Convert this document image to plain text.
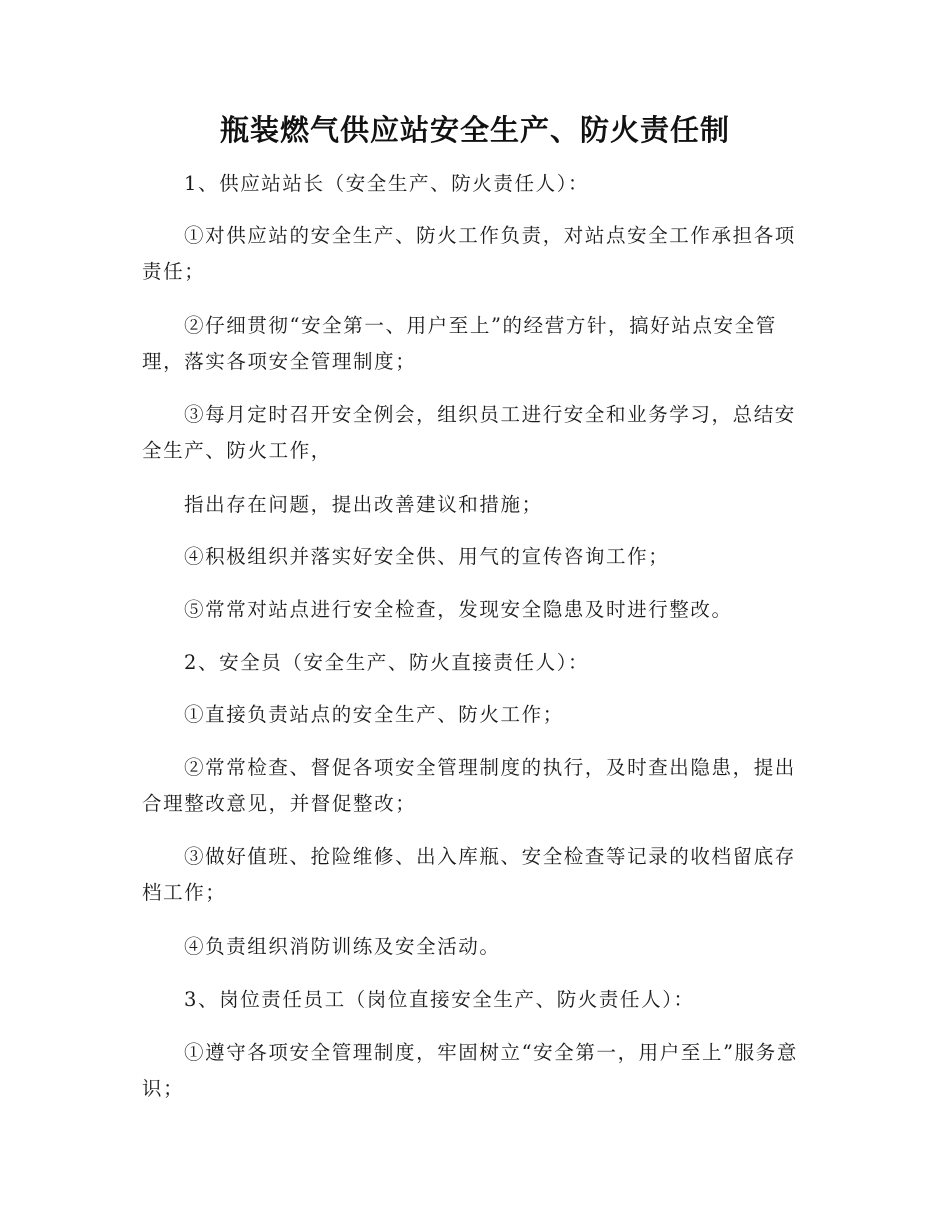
瓶装燃气供应站安全生产、防火责任制

1、供应站站长（安全生产、防火责任人）：

①对供应站的安全生产、防火工作负责，对站点安全工作承担各项责任；

②仔细贯彻“安全第一、用户至上”的经营方针，搞好站点安全管理，落实各项安全管理制度；

③每月定时召开安全例会，组织员工进行安全和业务学习，总结安全生产、防火工作，

指出存在问题，提出改善建议和措施；

④积极组织并落实好安全供、用气的宣传咨询工作；

⑤常常对站点进行安全检查，发现安全隐患及时进行整改。

2、安全员（安全生产、防火直接责任人）：

①直接负责站点的安全生产、防火工作；

②常常检查、督促各项安全管理制度的执行，及时查出隐患，提出合理整改意见，并督促整改；

③做好值班、抢险维修、出入库瓶、安全检查等记录的收档留底存档工作；

④负责组织消防训练及安全活动。

3、岗位责任员工（岗位直接安全生产、防火责任人）：

①遵守各项安全管理制度，牢固树立“安全第一，用户至上”服务意识；
